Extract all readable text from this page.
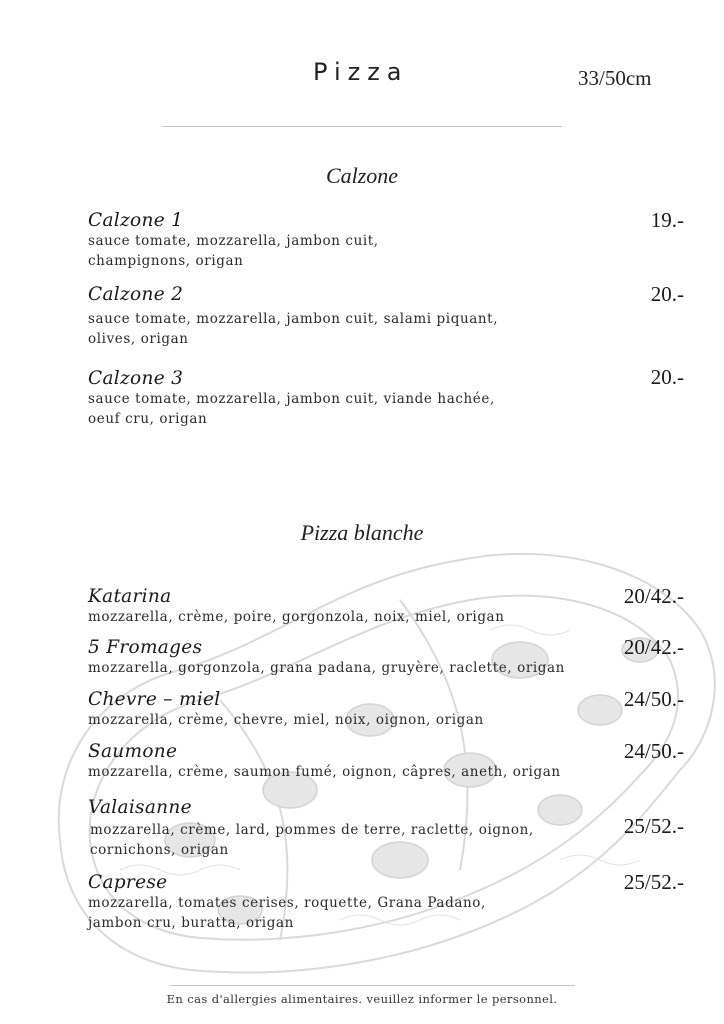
Pizza	33/50cm
Calzone
Calzone 1
sauce tomate, mozzarella, jambon cuit,
champignons, origan
19.-
Calzone 2
sauce tomate, mozzarella, jambon cuit, salami piquant,
olives, origan
20.-
Calzone 3
sauce tomate, mozzarella, jambon cuit, viande hachée,
oeuf cru, origan
20.-
Pizza blanche
Katarina
mozzarella, crème, poire, gorgonzola, noix, miel, origan
20/42.-
5 Fromages
mozzarella, gorgonzola, grana padana, gruyère, raclette, origan
20/42.-
Chevre – miel
mozzarella, crème, chevre, miel, noix, oignon, origan
24/50.-
Saumone
mozzarella, crème, saumon fumé, oignon, câpres, aneth, origan
24/50.-
Valaisanne
mozzarella, crème, lard, pommes de terre, raclette, oignon,
cornichons, origan
25/52.-
Caprese
mozzarella, tomates cerises, roquette, Grana Padano,
jambon cru, buratta, origan
25/52.-
En cas d'allergies alimentaires. veuillez informer le personnel.
